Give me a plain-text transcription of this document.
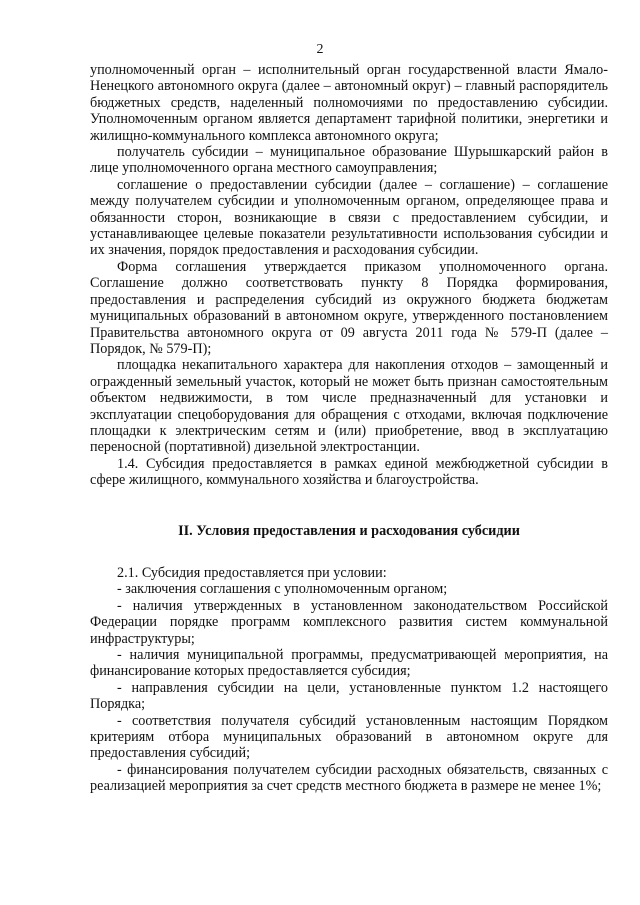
2

уполномоченный орган – исполнительный орган государственной власти Ямало-Ненецкого автономного округа (далее – автономный округ) – главный распорядитель бюджетных средств, наделенный полномочиями по предоставлению субсидии. Уполномоченным органом является департамент тарифной политики, энергетики и жилищно-коммунального комплекса автономного округа;

получатель субсидии – муниципальное образование Шурышкарский район в лице уполномоченного органа местного самоуправления;

соглашение о предоставлении субсидии (далее – соглашение) – соглашение между получателем субсидии и уполномоченным органом, определяющее права и обязанности сторон, возникающие в связи с предоставлением субсидии, и устанавливающее целевые показатели результативности использования субсидии и их значения, порядок предоставления и расходования субсидии.

Форма соглашения утверждается приказом уполномоченного органа. Соглашение должно соответствовать пункту 8 Порядка формирования, предоставления и распределения субсидий из окружного бюджета бюджетам муниципальных образований в автономном округе, утвержденного постановлением Правительства автономного округа от 09 августа 2011 года № 579-П (далее – Порядок, № 579-П);

площадка некапитального характера для накопления отходов – замощенный и огражденный земельный участок, который не может быть признан самостоятельным объектом недвижимости, в том числе предназначенный для установки и эксплуатации спецоборудования для обращения с отходами, включая подключение площадки к электрическим сетям и (или) приобретение, ввод в эксплуатацию переносной (портативной) дизельной электростанции.

1.4. Субсидия предоставляется в рамках единой межбюджетной субсидии в сфере жилищного, коммунального хозяйства и благоустройства.

II. Условия предоставления и расходования субсидии

2.1. Субсидия предоставляется при условии:

- заключения соглашения с уполномоченным органом;

- наличия утвержденных в установленном законодательством Российской Федерации порядке программ комплексного развития систем коммунальной инфраструктуры;

- наличия муниципальной программы, предусматривающей мероприятия, на финансирование которых предоставляется субсидия;

- направления субсидии на цели, установленные пунктом 1.2 настоящего Порядка;

- соответствия получателя субсидий установленным настоящим Порядком критериям отбора муниципальных образований в автономном округе для предоставления субсидий;

- финансирования получателем субсидии расходных обязательств, связанных с реализацией мероприятия за счет средств местного бюджета в размере не менее 1%;
